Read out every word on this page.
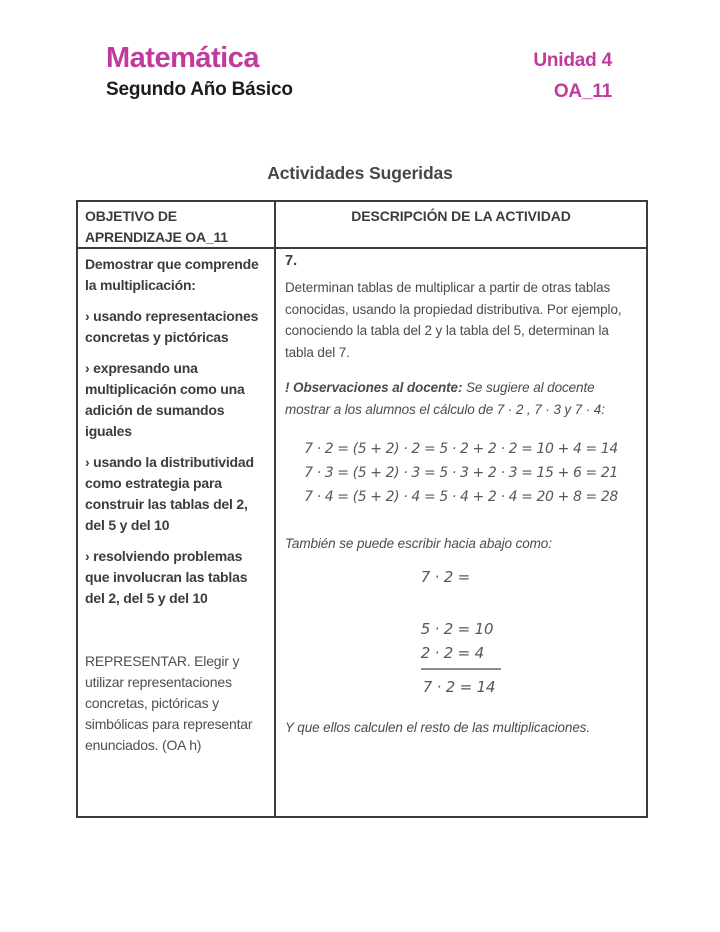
Matemática
Segundo Año Básico
Unidad 4
OA_11
Actividades Sugeridas
OBJETIVO DE APRENDIZAJE OA_11
DESCRIPCIÓN DE LA ACTIVIDAD

Demostrar que comprende la multiplicación:

› usando representaciones concretas y pictóricas

› expresando una multiplicación como una adición de sumandos iguales

› usando la distributividad como estrategia para construir las tablas del 2, del 5 y del 10

› resolviendo problemas que involucran las tablas del 2, del 5 y del 10

REPRESENTAR. Elegir y utilizar representaciones concretas, pictóricas y simbólicas para representar enunciados. (OA h)

7.
Determinan tablas de multiplicar a partir de otras tablas conocidas, usando la propiedad distributiva. Por ejemplo, conociendo la tabla del 2 y la tabla del 5, determinan la tabla del 7.
! Observaciones al docente: Se sugiere al docente mostrar a los alumnos el cálculo de 7 · 2 , 7 · 3 y 7 · 4:
7 · 2 = (5 + 2) · 2 = 5 · 2 + 2 · 2 = 10 + 4 = 14
7 · 3 = (5 + 2) · 3 = 5 · 3 + 2 · 3 = 15 + 6 = 21
7 · 4 = (5 + 2) · 4 = 5 · 4 + 2 · 4 = 20 + 8 = 28
También se puede escribir hacia abajo como:
7 · 2 =
5 · 2 = 10
2 · 2 = 4
7 · 2 = 14
Y que ellos calculen el resto de las multiplicaciones.
